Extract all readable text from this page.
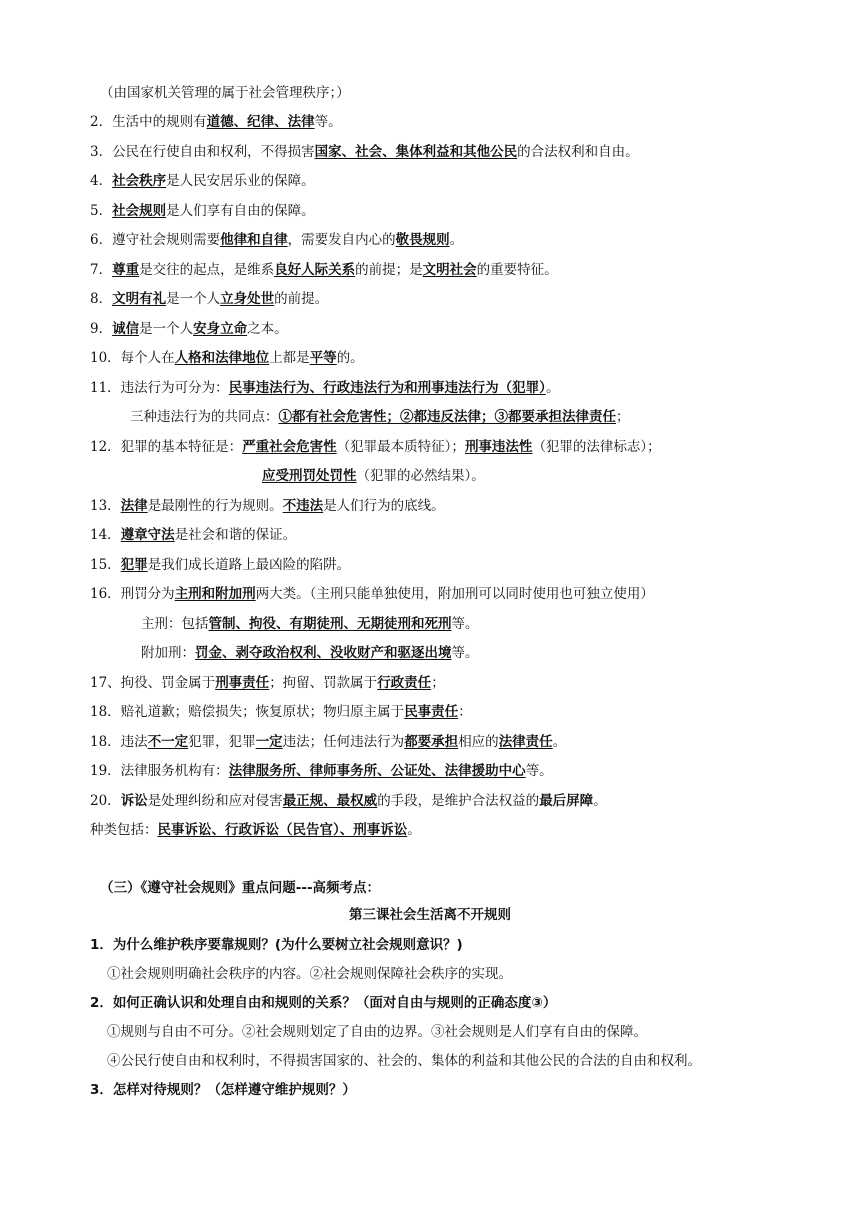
（由国家机关管理的属于社会管理秩序；）
2．生活中的规则有道德、纪律、法律等。
3．公民在行使自由和权利，不得损害国家、社会、集体利益和其他公民的合法权利和自由。
4．社会秩序是人民安居乐业的保障。
5．社会规则是人们享有自由的保障。
6．遵守社会规则需要他律和自律，需要发自内心的敬畏规则。
7．尊重是交往的起点，是维系良好人际关系的前提；是文明社会的重要特征。
8．文明有礼是一个人立身处世的前提。
9．诚信是一个人安身立命之本。
10．每个人在人格和法律地位上都是平等的。
11．违法行为可分为：民事违法行为、行政违法行为和刑事违法行为（犯罪）。
三种违法行为的共同点：①都有社会危害性；②都违反法律；③都要承担法律责任；
12．犯罪的基本特征是：严重社会危害性（犯罪最本质特征）；刑事违法性（犯罪的法律标志）；
应受刑罚处罚性（犯罪的必然结果）。
13．法律是最刚性的行为规则。不违法是人们行为的底线。
14．遵章守法是社会和谐的保证。
15．犯罪是我们成长道路上最凶险的陷阱。
16．刑罚分为主刑和附加刑两大类。（主刑只能单独使用，附加刑可以同时使用也可独立使用）
主刑：包括管制、拘役、有期徒刑、无期徒刑和死刑等。
附加刑：罚金、剥夺政治权利、没收财产和驱逐出境等。
17、拘役、罚金属于刑事责任；拘留、罚款属于行政责任；
18．赔礼道歉；赔偿损失；恢复原状；物归原主属于民事责任：
18．违法不一定犯罪，犯罪一定违法；任何违法行为都要承担相应的法律责任。
19．法律服务机构有：法律服务所、律师事务所、公证处、法律援助中心等。
20．诉讼是处理纠纷和应对侵害最正规、最权威的手段，是维护合法权益的最后屏障。
种类包括：民事诉讼、行政诉讼（民告官）、刑事诉讼。
（三）《遵守社会规则》重点问题---高频考点：
第三课社会生活离不开规则
1．为什么维护秩序要靠规则？(为什么要树立社会规则意识？)
①社会规则明确社会秩序的内容。②社会规则保障社会秩序的实现。
2．如何正确认识和处理自由和规则的关系？（面对自由与规则的正确态度③）
①规则与自由不可分。②社会规则划定了自由的边界。③社会规则是人们享有自由的保障。
④公民行使自由和权利时，不得损害国家的、社会的、集体的利益和其他公民的合法的自由和权利。
3．怎样对待规则？（怎样遵守维护规则？）
